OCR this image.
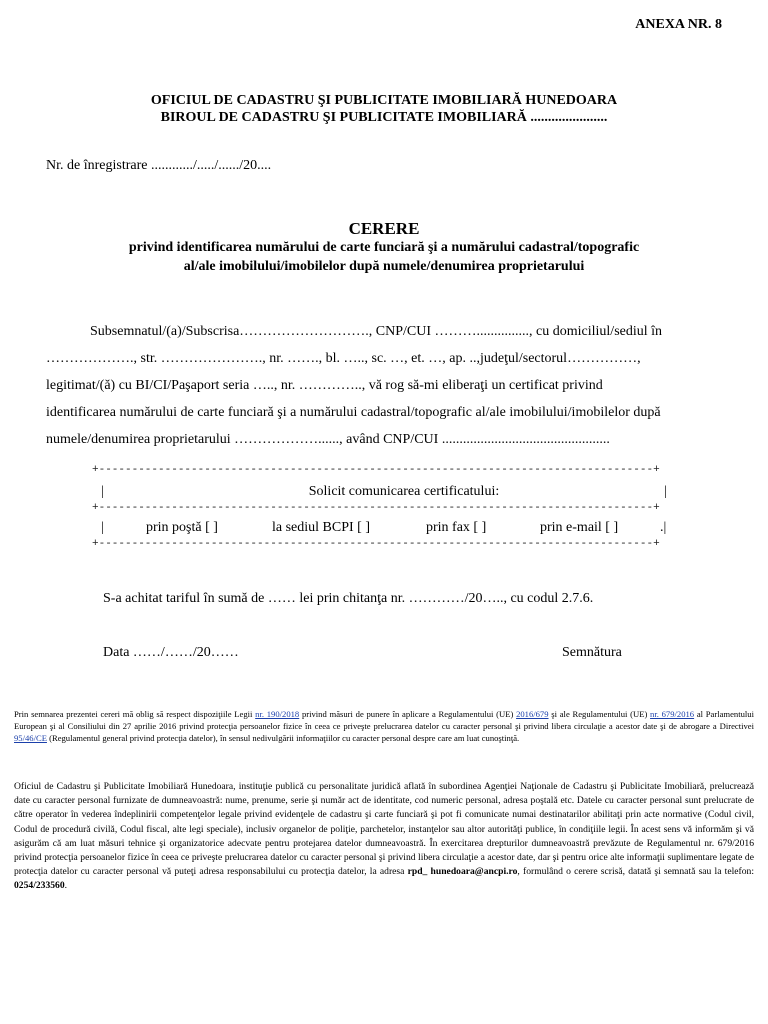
ANEXA NR. 8
OFICIUL DE CADASTRU ŞI PUBLICITATE IMOBILIARĂ HUNEDOARA
BIROUL DE CADASTRU ŞI PUBLICITATE IMOBILIARĂ ......................
Nr. de înregistrare ............/...../....../20....
CERERE
privind identificarea numărului de carte funciară şi a numărului cadastral/topografic
al/ale imobilului/imobilelor după numele/denumirea proprietarului

Subsemnatul/(a)/Subscrisa………………………., CNP/CUI ………..............., cu domiciliul/sediul în

………………., str. …………………., nr. ……., bl. ….., sc. …, et. …, ap. ..,judeţul/sectorul……………,

legitimat/(ă) cu BI/CI/Paşaport seria ….., nr. ………….., vă rog să-mi eliberaţi un certificat privind

identificarea numărului de carte funciară şi a numărului cadastral/topografic al/ale imobilului/imobilelor după

numele/denumirea proprietarului ………………......, având CNP/CUI ................................................

+------------------------------------------------------------------------------------+
|	Solicit comunicarea certificatului:	|
+------------------------------------------------------------------------------------+
|	prin poştă [ ]	la sediul BCPI [ ]	prin fax [ ]	prin e-mail [ ]	.|
+------------------------------------------------------------------------------------+
S-a achitat tariful în sumă de …… lei prin chitanţa nr. …………/20….., cu codul 2.7.6.
Data ……/……/20……	Semnătura
Prin semnarea prezentei cereri mă oblig să respect dispoziţiile Legii nr. 190/2018 privind măsuri de punere în aplicare a Regulamentului (UE) 2016/679 şi ale Regulamentului (UE) nr. 679/2016 al Parlamentului European şi al Consiliului din 27 aprilie 2016 privind protecţia persoanelor fizice în ceea ce priveşte prelucrarea datelor cu caracter personal şi privind libera circulaţie a acestor date şi de abrogare a Directivei 95/46/CE (Regulamentul general privind protecţia datelor), în sensul nedivulgării informaţiilor cu caracter personal despre care am luat cunoştinţă.
Oficiul de Cadastru şi Publicitate Imobiliară Hunedoara, instituţie publică cu personalitate juridică aflată în subordinea Agenţiei Naţionale de Cadastru şi Publicitate Imobiliară, prelucrează date cu caracter personal furnizate de dumneavoastră: nume, prenume, serie şi număr act de identitate, cod numeric personal, adresa poştală etc. Datele cu caracter personal sunt prelucrate de către operator în vederea îndeplinirii competenţelor legale privind evidenţele de cadastru şi carte funciară şi pot fi comunicate numai destinatarilor abilitaţi prin acte normative (Codul civil, Codul de procedură civilă, Codul fiscal, alte legi speciale), inclusiv organelor de poliţie, parchetelor, instanţelor sau altor autorităţi publice, în condiţiile legii. În acest sens vă informăm şi vă asigurăm că am luat măsuri tehnice şi organizatorice adecvate pentru protejarea datelor dumneavoastră. În exercitarea drepturilor dumneavoastră prevăzute de Regulamentul nr. 679/2016 privind protecţia persoanelor fizice în ceea ce priveşte prelucrarea datelor cu caracter personal şi privind libera circulaţie a acestor date, dar şi pentru orice alte informaţii suplimentare legate de protecţia datelor cu caracter personal vă puteţi adresa responsabilului cu protecţia datelor, la adresa rpd_ hunedoara@ancpi.ro, formulând o cerere scrisă, datată şi semnată sau la telefon: 0254/233560.
